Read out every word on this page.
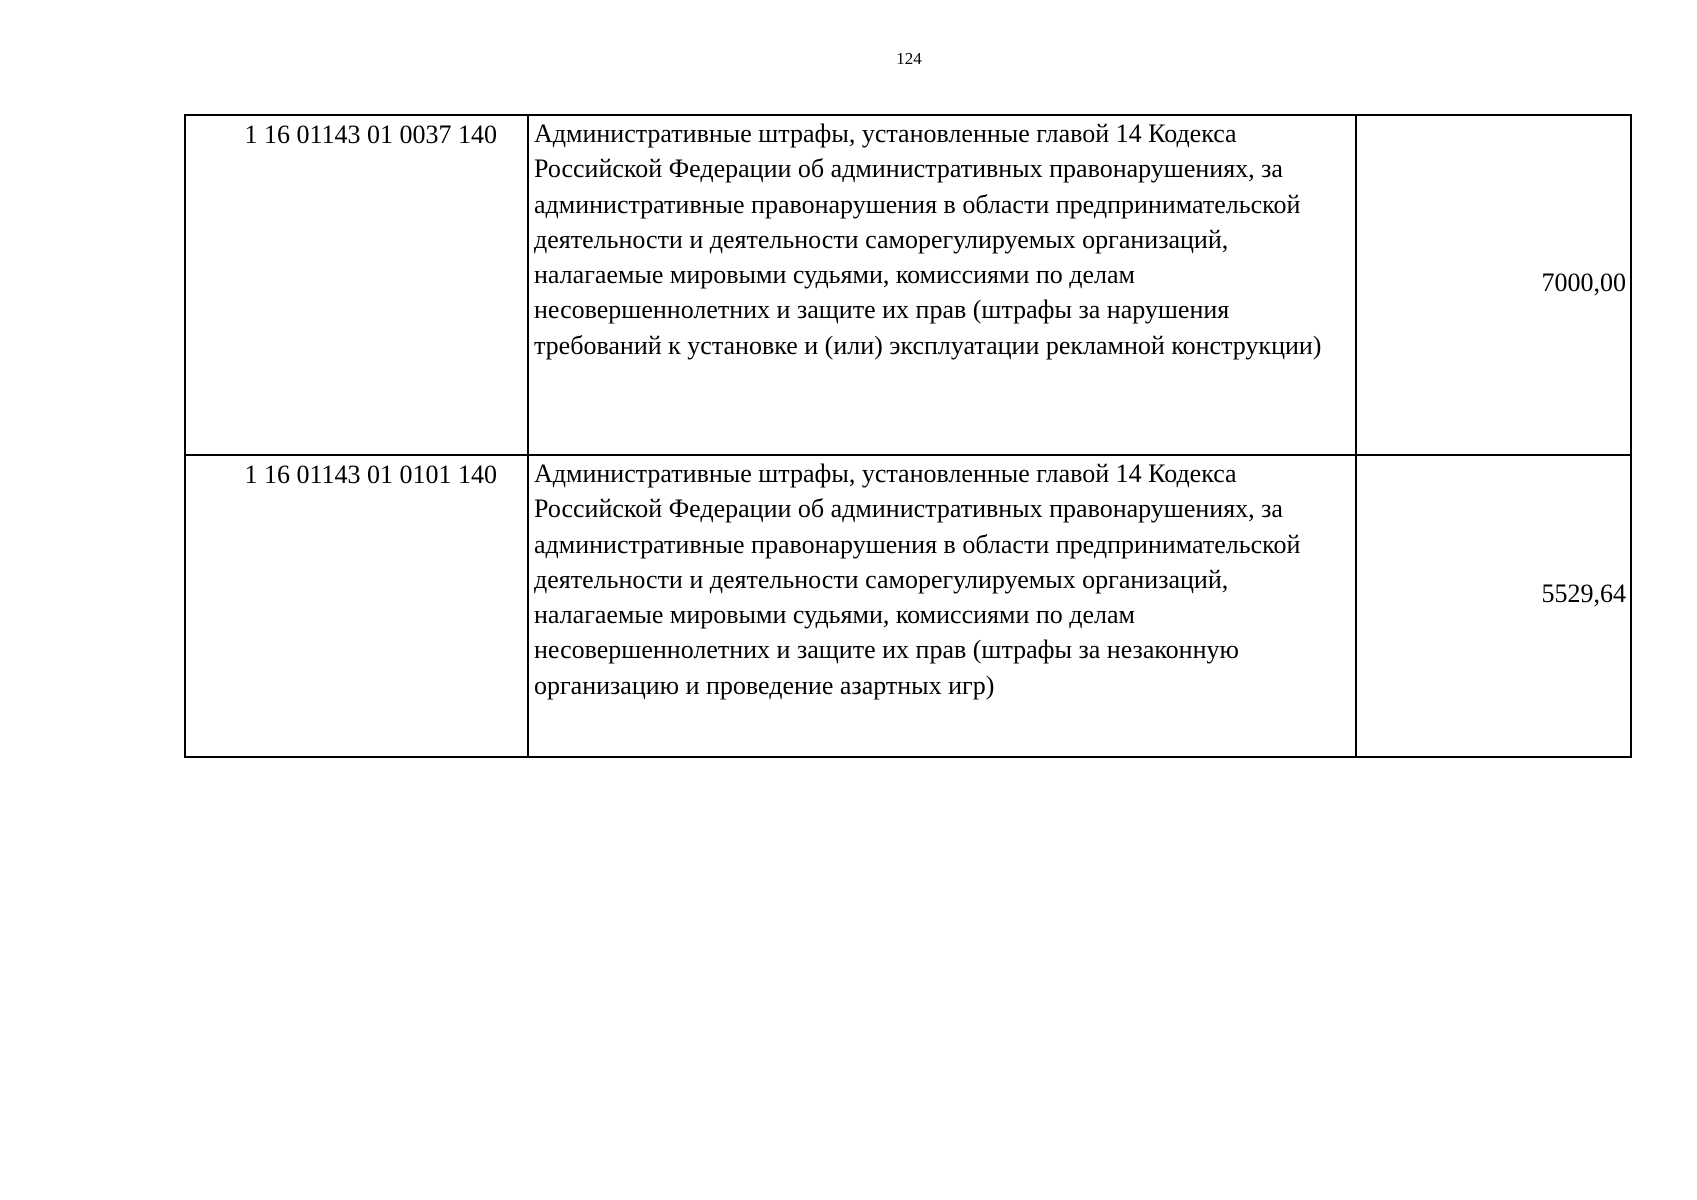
124
1 16 01143 01 0037 140	Административные штрафы, установленные главой 14 Кодекса Российской Федерации об административных правонарушениях, за административные правонарушения в области предпринимательской деятельности и деятельности саморегулируемых организаций, налагаемые мировыми судьями, комиссиями по делам несовершеннолетних и защите их прав (штрафы за нарушения требований к установке и (или) эксплуатации рекламной конструкции)	7000,00

1 16 01143 01 0101 140	Административные штрафы, установленные главой 14 Кодекса Российской Федерации об административных правонарушениях, за административные правонарушения в области предпринимательской деятельности и деятельности саморегулируемых организаций, налагаемые мировыми судьями, комиссиями по делам несовершеннолетних и защите их прав (штрафы за незаконную организацию и проведение азартных игр)	5529,64
